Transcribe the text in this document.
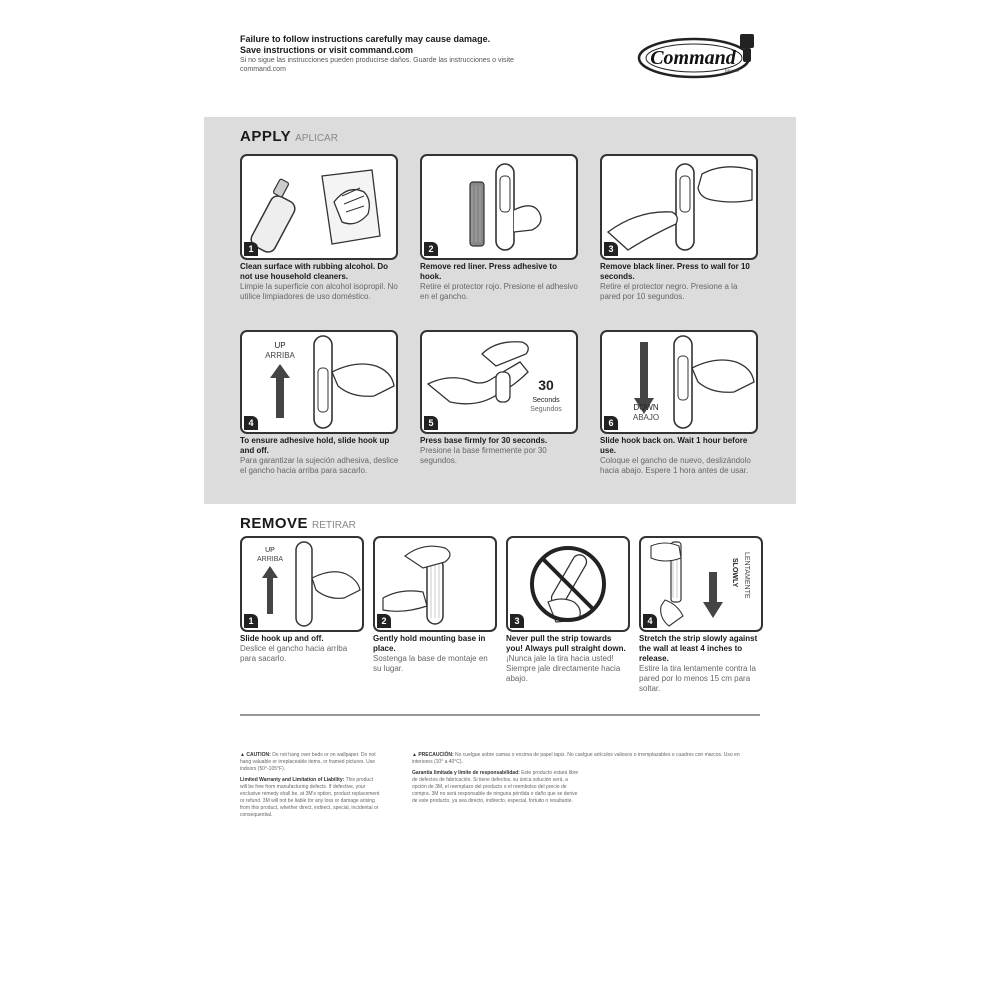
Failure to follow instructions carefully may cause damage.
Save instructions or visit command.com
Si no sigue las instrucciones pueden producirse daños. Guarde las instrucciones o visite command.com
Command
BRAND
APPLY APLICAR
1
Clean surface with rubbing alcohol. Do not use household cleaners.
Limpie la superficie con alcohol isopropil. No utilice limpiadores de uso doméstico.
2
Remove red liner. Press adhesive to hook.
Retire el protector rojo. Presione el adhesivo en el gancho.
3
Remove black liner. Press to wall for 10 seconds.
Retire el protector negro. Presione a la pared por 10 segundos.
UP
ARRIBA
4
To ensure adhesive hold, slide hook up and off.
Para garantizar la sujeción adhesiva, deslice el gancho hacia arriba para sacarlo.
30
Seconds
Segundos
5
Press base firmly for 30 seconds.
Presione la base firmemente por 30 segundos.
DOWN
ABAJO
6
Slide hook back on. Wait 1 hour before use.
Coloque el gancho de nuevo, deslizándolo hacia abajo. Espere 1 hora antes de usar.
REMOVE RETIRAR
UP
ARRIBA
1
Slide hook up and off.
Deslice el gancho hacia arriba para sacarlo.
2
Gently hold mounting base in place.
Sostenga la base de montaje en su lugar.
3
Never pull the strip towards you! Always pull straight down.
¡Nunca jale la tira hacia usted! Siempre jale directamente hacia abajo.
SLOWLY LENTAMENTE
4
Stretch the strip slowly against the wall at least 4 inches to release.
Estire la tira lentamente contra la pared por lo menos 15 cm para soltar.
▲ CAUTION: Do not hang over beds or on wallpaper. Do not hang valuable or irreplaceable items, or framed pictures. Use indoors (50°-105°F).
Limited Warranty and Limitation of Liability: This product will be free from manufacturing defects. If defective, your exclusive remedy shall be, at 3M's option, product replacement or refund. 3M will not be liable for any loss or damage arising from this product, whether direct, indirect, special, incidental or consequential.
▲ PRECAUCIÓN: No cuelgue sobre camas o encima de papel tapiz. No cuelgue artículos valiosos o irremplazables o cuadros con marcos. Uso en interiores (10° a 40°C).
Garantía limitada y límite de responsabilidad: Este producto estará libre de defectos de fabricación. Si tiene defectos, su única solución será, a opción de 3M, el reemplazo del producto o el reembolso del precio de compra. 3M no será responsable de ninguna pérdida o daño que se derive de este producto, ya sea directo, indirecto, especial, fortuito o resultante.
